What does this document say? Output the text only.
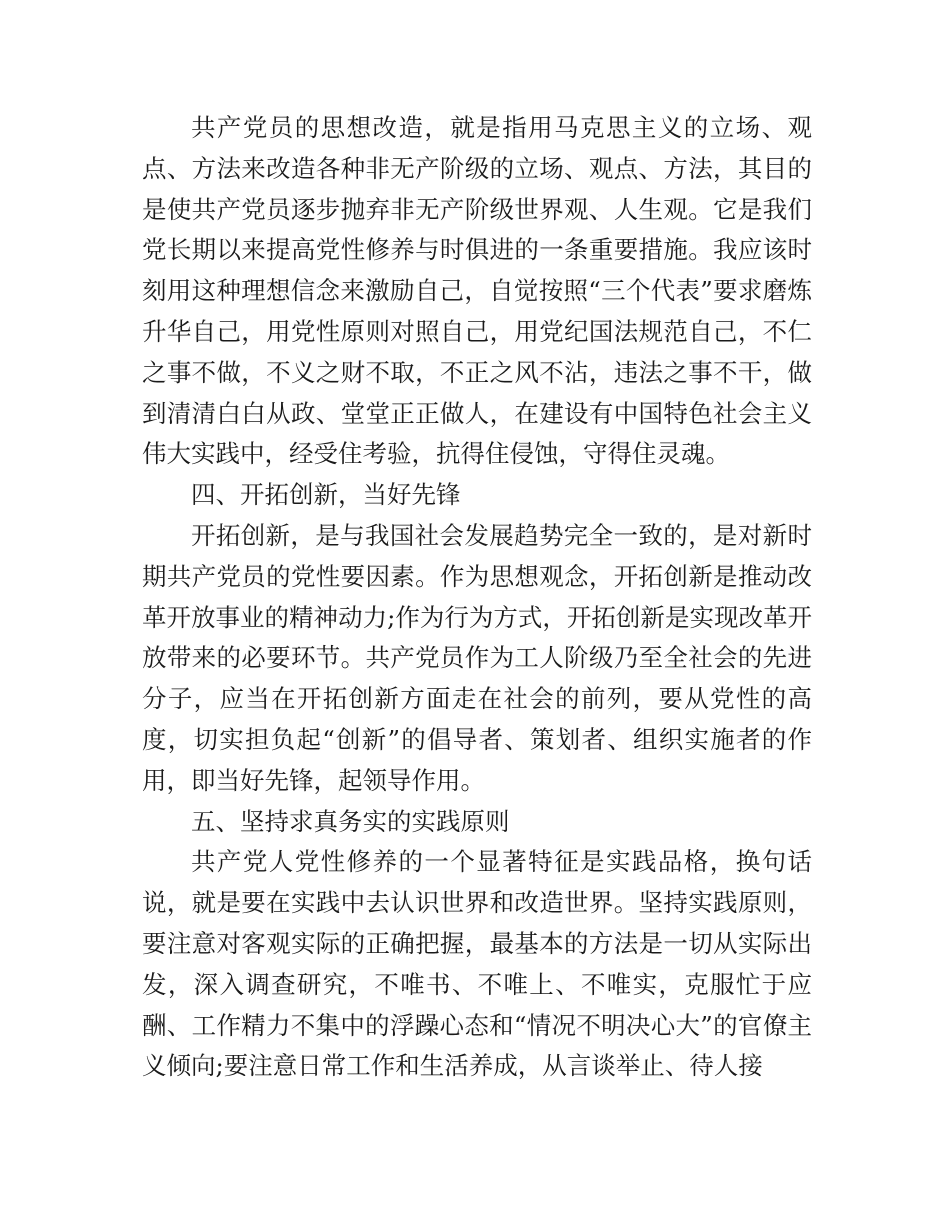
共产党员的思想改造，就是指用马克思主义的立场、观点、方法来改造各种非无产阶级的立场、观点、方法，其目的是使共产党员逐步抛弃非无产阶级世界观、人生观。它是我们党长期以来提高党性修养与时俱进的一条重要措施。我应该时刻用这种理想信念来激励自己，自觉按照“三个代表”要求磨炼升华自己，用党性原则对照自己，用党纪国法规范自己，不仁之事不做，不义之财不取，不正之风不沾，违法之事不干，做到清清白白从政、堂堂正正做人，在建设有中国特色社会主义伟大实践中，经受住考验，抗得住侵蚀，守得住灵魂。

四、开拓创新，当好先锋

开拓创新，是与我国社会发展趋势完全一致的，是对新时期共产党员的党性要因素。作为思想观念，开拓创新是推动改革开放事业的精神动力;作为行为方式，开拓创新是实现改革开放带来的必要环节。共产党员作为工人阶级乃至全社会的先进分子，应当在开拓创新方面走在社会的前列，要从党性的高度，切实担负起“创新”的倡导者、策划者、组织实施者的作用，即当好先锋，起领导作用。

五、坚持求真务实的实践原则

共产党人党性修养的一个显著特征是实践品格，换句话说，就是要在实践中去认识世界和改造世界。坚持实践原则，要注意对客观实际的正确把握，最基本的方法是一切从实际出发，深入调查研究，不唯书、不唯上、不唯实，克服忙于应酬、工作精力不集中的浮躁心态和“情况不明决心大”的官僚主义倾向;要注意日常工作和生活养成，从言谈举止、待人接
